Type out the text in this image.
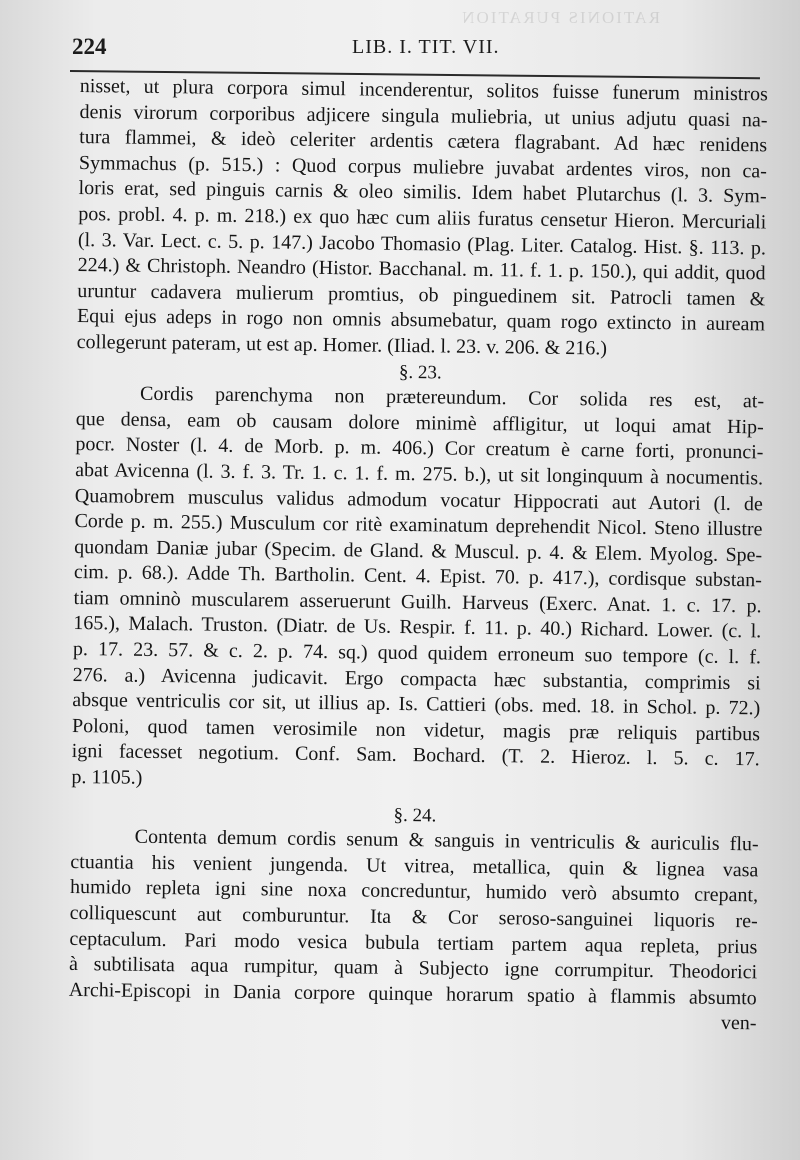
RATIONIS PURATION
224	LIB. I. TIT. VII.
nisset, ut plura corpora simul incenderentur, solitos fuisse funerum ministros
denis virorum corporibus adjicere singula muliebria, ut unius adjutu quasi na-
tura flammei, & ideò celeriter ardentis cætera flagrabant. Ad hæc renidens
Symmachus (p. 515.) : Quod corpus muliebre juvabat ardentes viros, non ca-
loris erat, sed pinguis carnis & oleo similis. Idem habet Plutarchus (l. 3. Sym-
pos. probl. 4. p. m. 218.) ex quo hæc cum aliis furatus censetur Hieron. Mercuriali
(l. 3. Var. Lect. c. 5. p. 147.) Jacobo Thomasio (Plag. Liter. Catalog. Hist. §. 113. p.
224.) & Christoph. Neandro (Histor. Bacchanal. m. 11. f. 1. p. 150.), qui addit, quod
uruntur cadavera mulierum promtius, ob pinguedinem sit. Patrocli tamen &
Equi ejus adeps in rogo non omnis absumebatur, quam rogo extincto in auream
collegerunt pateram, ut est ap. Homer. (Iliad. l. 23. v. 206. & 216.)
§. 23.
Cordis parenchyma non prætereundum. Cor solida res est, at-
que densa, eam ob causam dolore minimè affligitur, ut loqui amat Hip-
pocr. Noster (l. 4. de Morb. p. m. 406.) Cor creatum è carne forti, pronunci-
abat Avicenna (l. 3. f. 3. Tr. 1. c. 1. f. m. 275. b.), ut sit longinquum à nocumentis.
Quamobrem musculus validus admodum vocatur Hippocrati aut Autori (l. de
Corde p. m. 255.) Musculum cor ritè examinatum deprehendit Nicol. Steno illustre
quondam Daniæ jubar (Specim. de Gland. & Muscul. p. 4. & Elem. Myolog. Spe-
cim. p. 68.). Adde Th. Bartholin. Cent. 4. Epist. 70. p. 417.), cordisque substan-
tiam omninò muscularem asseruerunt Guilh. Harveus (Exerc. Anat. 1. c. 17. p.
165.), Malach. Truston. (Diatr. de Us. Respir. f. 11. p. 40.) Richard. Lower. (c. l.
p. 17. 23. 57. & c. 2. p. 74. sq.) quod quidem erroneum suo tempore (c. l. f.
276. a.) Avicenna judicavit. Ergo compacta hæc substantia, comprimis si
absque ventriculis cor sit, ut illius ap. Is. Cattieri (obs. med. 18. in Schol. p. 72.)
Poloni, quod tamen verosimile non videtur, magis præ reliquis partibus
igni facesset negotium. Conf. Sam. Bochard. (T. 2. Hieroz. l. 5. c. 17.
p. 1105.)
§. 24.
Contenta demum cordis senum & sanguis in ventriculis & auriculis flu-
ctuantia his venient jungenda. Ut vitrea, metallica, quin & lignea vasa
humido repleta igni sine noxa concreduntur, humido verò absumto crepant,
colliquescunt aut comburuntur. Ita & Cor seroso-sanguinei liquoris re-
ceptaculum. Pari modo vesica bubula tertiam partem aqua repleta, prius
à subtilisata aqua rumpitur, quam à Subjecto igne corrumpitur. Theodorici
Archi-Episcopi in Dania corpore quinque horarum spatio à flammis absumto
ven-
